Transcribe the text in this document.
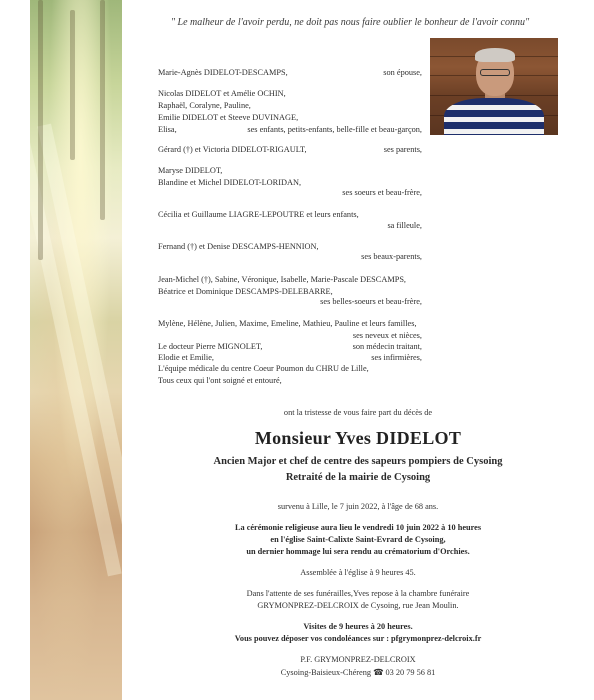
" Le malheur de l'avoir perdu, ne doit pas nous faire oublier le bonheur de l'avoir connu"
Marie-Agnès DIDELOT-DESCAMPS,	son épouse,
Nicolas DIDELOT et Amélie OCHIN,
Raphaël, Coralyne, Pauline,
Emilie DIDELOT et Steeve DUVINAGE,
Elisa,	ses enfants, petits-enfants, belle-fille et beau-garçon,
Gérard (†) et Victoria DIDELOT-RIGAULT,	ses parents,
Maryse DIDELOT,
Blandine et Michel DIDELOT-LORIDAN,
ses soeurs et beau-frère,
Cécilia et Guillaume LIAGRE-LEPOUTRE et leurs enfants,
sa filleule,
Fernand (†) et Denise DESCAMPS-HENNION,
ses beaux-parents,
Jean-Michel (†), Sabine, Véronique, Isabelle, Marie-Pascale DESCAMPS,
Béatrice et Dominique DESCAMPS-DELEBARRE,
ses belles-soeurs et beau-frère,
Mylène, Hélène, Julien, Maxime, Emeline, Mathieu, Pauline et leurs familles,
ses neveux et nièces,
Le docteur Pierre MIGNOLET,	son médecin traitant,
Elodie et Emilie,	ses infirmières,
L'équipe médicale du centre Coeur Poumon du CHRU de Lille,
Tous ceux qui l'ont soigné et entouré,
ont la tristesse de vous faire part du décès de
Monsieur Yves DIDELOT
Ancien Major et chef de centre des sapeurs pompiers de Cysoing
Retraité de la mairie de Cysoing
survenu à Lille, le 7 juin 2022, à l'âge de 68 ans.
La cérémonie religieuse aura lieu le vendredi 10 juin 2022 à 10 heures
en l'église Saint-Calixte Saint-Evrard de Cysoing,
un dernier hommage lui sera rendu au crématorium d'Orchies.
Assemblée à l'église à 9 heures 45.
Dans l'attente de ses funérailles,Yves repose à la chambre funéraire
GRYMONPREZ-DELCROIX de Cysoing, rue Jean Moulin.
Visites de 9 heures à 20 heures.
Vous pouvez déposer vos condoléances sur : pfgrymonprez-delcroix.fr
P.F. GRYMONPREZ-DELCROIX
Cysoing-Baisieux-Chéreng ☎ 03 20 79 56 81
